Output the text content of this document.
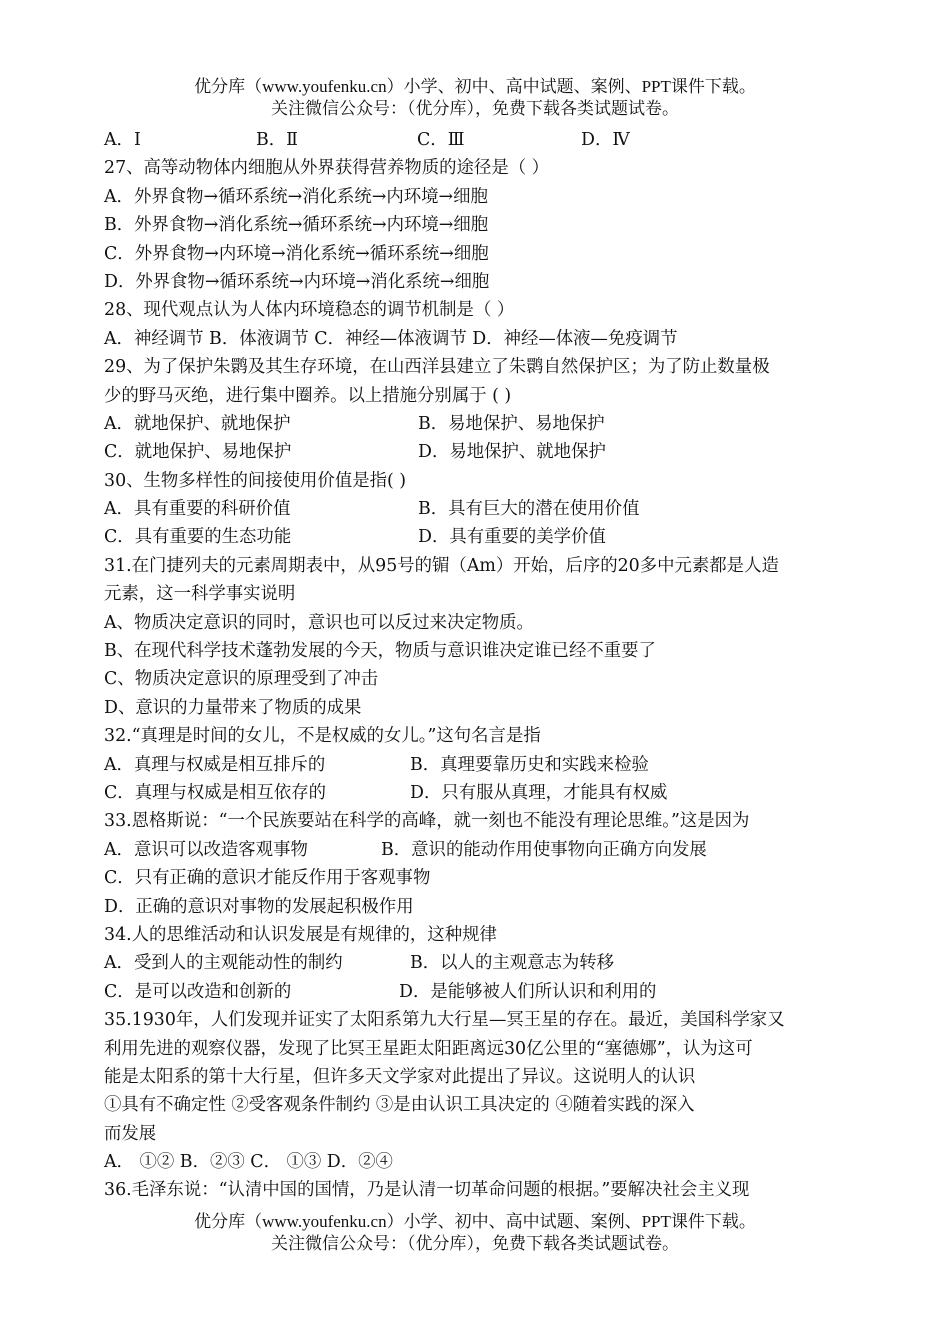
优分库（www.youfenku.cn）小学、初中、高中试题、案例、PPT课件下载。
关注微信公众号：（优分库），免费下载各类试题试卷。
A．Ⅰ	B．Ⅱ	C．Ⅲ	D．Ⅳ
27、高等动物体内细胞从外界获得营养物质的途径是（ ）
A．外界食物→循环系统→消化系统→内环境→细胞
B．外界食物→消化系统→循环系统→内环境→细胞
C．外界食物→内环境→消化系统→循环系统→细胞
D．外界食物→循环系统→内环境→消化系统→细胞
28、现代观点认为人体内环境稳态的调节机制是（ ）
A．神经调节 B．体液调节 C．神经—体液调节 D．神经—体液—免疫调节
29、为了保护朱鹮及其生存环境，在山西洋县建立了朱鹮自然保护区；为了防止数量极
少的野马灭绝，进行集中圈养。以上措施分别属于 ( )
A．就地保护、就地保护	B．易地保护、易地保护
C．就地保护、易地保护	D．易地保护、就地保护
30、生物多样性的间接使用价值是指( )
A．具有重要的科研价值	B．具有巨大的潜在使用价值
C．具有重要的生态功能	D．具有重要的美学价值
31.在门捷列夫的元素周期表中，从95号的镅（Am）开始，后序的20多中元素都是人造
元素，这一科学事实说明
A、物质决定意识的同时，意识也可以反过来决定物质。
B、在现代科学技术蓬勃发展的今天，物质与意识谁决定谁已经不重要了
C、物质决定意识的原理受到了冲击
D、意识的力量带来了物质的成果
32.“真理是时间的女儿，不是权威的女儿。”这句名言是指
A．真理与权威是相互排斥的	B．真理要靠历史和实践来检验
C．真理与权威是相互依存的	D．只有服从真理，才能具有权威
33.恩格斯说：“一个民族要站在科学的高峰，就一刻也不能没有理论思维。”这是因为
A．意识可以改造客观事物	B．意识的能动作用使事物向正确方向发展
C．只有正确的意识才能反作用于客观事物
D．正确的意识对事物的发展起积极作用
34.人的思维活动和认识发展是有规律的，这种规律
A．受到人的主观能动性的制约	B．以人的主观意志为转移
C．是可以改造和创新的	D．是能够被人们所认识和利用的
35.1930年，人们发现并证实了太阳系第九大行星—冥王星的存在。最近，美国科学家又
利用先进的观察仪器，发现了比冥王星距太阳距离远30亿公里的“塞德娜”，认为这可
能是太阳系的第十大行星，但许多天文学家对此提出了异议。这说明人的认识
①具有不确定性 ②受客观条件制约 ③是由认识工具决定的 ④随着实践的深入
而发展
A． ①② B．②③ C． ①③ D．②④
36.毛泽东说：“认清中国的国情，乃是认清一切革命问题的根据。”要解决社会主义现
优分库（www.youfenku.cn）小学、初中、高中试题、案例、PPT课件下载。
关注微信公众号：（优分库），免费下载各类试题试卷。
